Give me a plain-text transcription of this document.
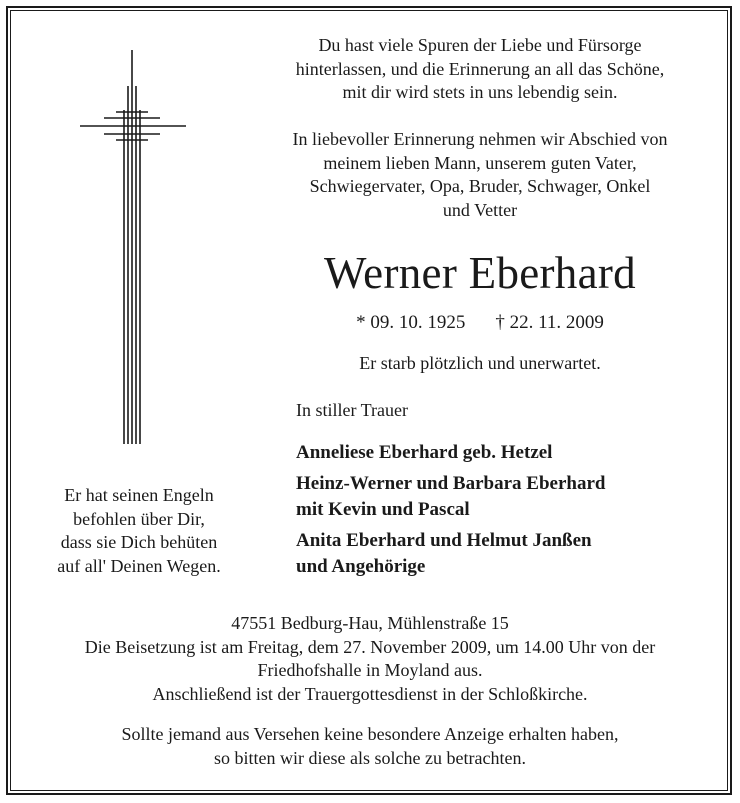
Du hast viele Spuren der Liebe und Fürsorge
hinterlassen, und die Erinnerung an all das Schöne,
mit dir wird stets in uns lebendig sein.
In liebevoller Erinnerung nehmen wir Abschied von
meinem lieben Mann, unserem guten Vater,
Schwiegervater, Opa, Bruder, Schwager, Onkel
und Vetter
Werner Eberhard
* 09. 10. 1925 † 22. 11. 2009
Er starb plötzlich und unerwartet.
In stiller Trauer
Anneliese Eberhard geb. Hetzel
Heinz-Werner und Barbara Eberhard
mit Kevin und Pascal
Anita Eberhard und Helmut Janßen
und Angehörige
Er hat seinen Engeln
befohlen über Dir,
dass sie Dich behüten
auf all' Deinen Wegen.
47551 Bedburg-Hau, Mühlenstraße 15
Die Beisetzung ist am Freitag, dem 27. November 2009, um 14.00 Uhr von der
Friedhofshalle in Moyland aus.
Anschließend ist der Trauergottesdienst in der Schloßkirche.
Sollte jemand aus Versehen keine besondere Anzeige erhalten haben,
so bitten wir diese als solche zu betrachten.
